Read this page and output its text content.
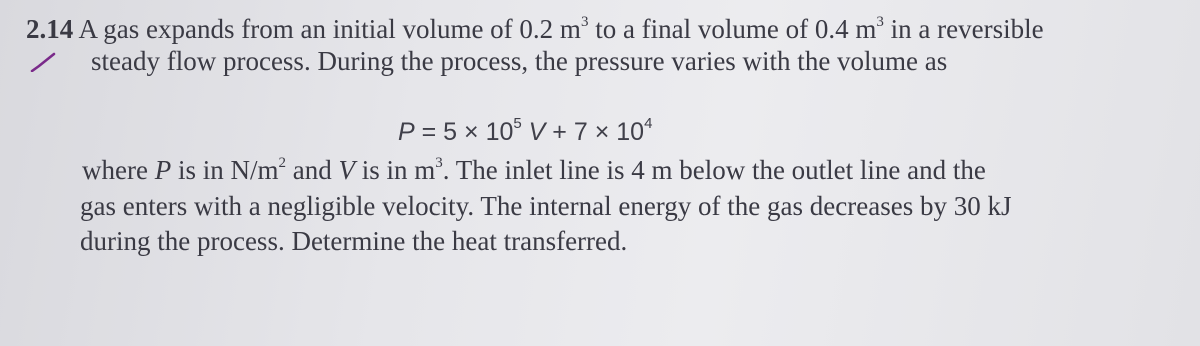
2.14 A gas expands from an initial volume of 0.2 $m^3$ to a final volume of 0.4 $m^3$ in a reversible
steady flow process. During the process, the pressure varies with the volume as
$P = 5 \times 10^5$ $V + 7 \times 10^4$
where P is in $N/m^2$ and V is in $m^3$. The inlet line is 4 m below the outlet line and the
gas enters with a negligible velocity. The internal energy of the gas decreases by 30 kJ
during the process. Determine the heat transferred.
